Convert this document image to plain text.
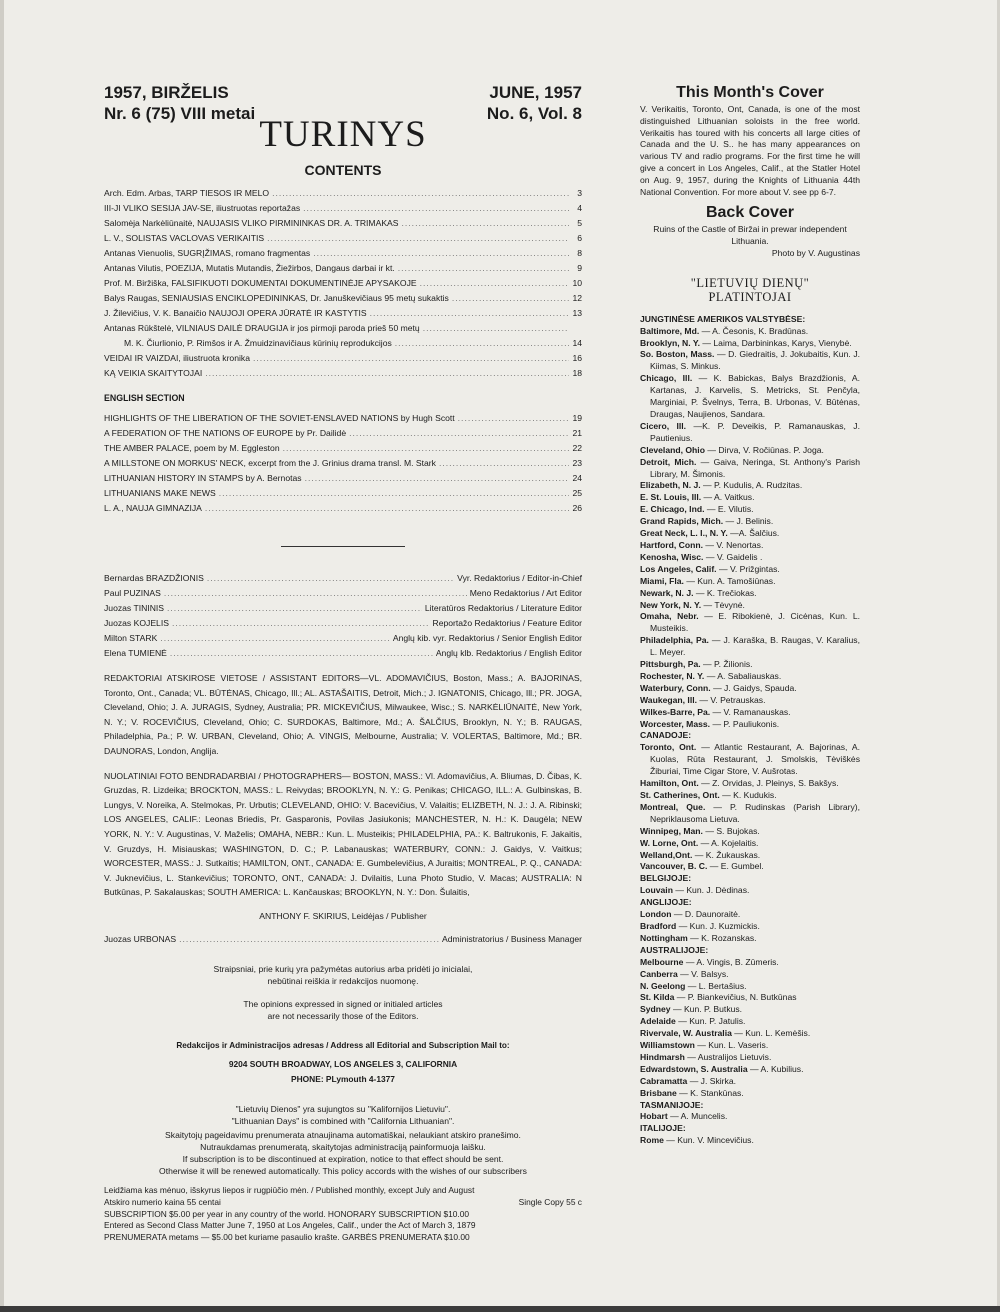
1957, BIRŽELIS
Nr. 6 (75) VIII metai
JUNE, 1957
No. 6, Vol. 8
TURINYS
CONTENTS
Arch. Edm. Arbas, TARP TIESOS IR MELO .....	3
III-JI VLIKO SESIJA JAV-SE, iliustruotas reportažas .....	4
Salomėja Narkėliūnaitė, NAUJASIS VLIKO PIRMININKAS DR. A. TRIMAKAS .....	5
L. V., SOLISTAS VACLOVAS VERIKAITIS .....	6
Antanas Vienuolis, SUGRĮŽIMAS, romano fragmentas .....	8
Antanas Vilutis, POEZIJA, Mutatis Mutandis, Žiežirbos, Dangaus darbai ir kt. .....	9
Prof. M. Biržiška, FALSIFIKUOTI DOKUMENTAI DOKUMENTINĖJE APYSAKOJE .....	10
Balys Raugas, SENIAUSIAS ENCIKLOPEDININKAS, Dr. Januškevičiaus 95 metų sukaktis .....	12
J. Žilevičius, V. K. Banaičio NAUJOJI OPERA JŪRATĖ IR KASTYTIS .....	13
Antanas Rūkštelė, VILNIAUS DAILĖ DRAUGIJA ir jos pirmoji paroda prieš 50 metų
.....
M. K. Čiurlionio, P. Rimšos ir A. Žmuidzinavičiaus kūrinių reprodukcijos .....	14
VEIDAI IR VAIZDAI, iliustruota kronika .....	16
KĄ VEIKIA SKAITYTOJAI .....	18
ENGLISH SECTION
HIGHLIGHTS OF THE LIBERATION OF THE SOVIET-ENSLAVED NATIONS by Hugh Scott .....	19
A FEDERATION OF THE NATIONS OF EUROPE by Pr. Dailidė .....	21
THE AMBER PALACE, poem by M. Eggleston .....	22
A MILLSTONE ON MORKUS' NECK, excerpt from the J. Grinius drama transl. M. Stark .....	23
LITHUANIAN HISTORY IN STAMPS by A. Bernotas .....	24
LITHUANIANS MAKE NEWS .....	25
L. A., NAUJA GIMNAZIJA .....	26
Bernardas BRAZDŽIONIS .....	Vyr. Redaktorius / Editor-in-Chief
Paul PUZINAS .....	Meno Redaktorius / Art Editor
Juozas TININIS .....	Literatūros Redaktorius / Literature Editor
Juozas KOJELIS .....	Reportažo Redaktorius / Feature Editor
Milton STARK .....	Anglų kib. vyr. Redaktorius / Senior English Editor
Elena TUMIENĖ .....	Anglų klb. Redaktorius / English Editor
REDAKTORIAI ATSKIROSE VIETOSE / ASSISTANT EDITORS—VL. ADOMAVIČIUS, Boston, Mass.; A. BAJORINAS, Toronto, Ont., Canada; VL. BŪTĖNAS, Chicago, Ill.; AL. ASTAŠAITIS, Detroit, Mich.; J. IGNATONIS, Chicago, Ill.; PR. JOGA, Cleveland, Ohio; J. A. JURAGIS, Sydney, Australia; PR. MICKEVIČIUS, Milwaukee, Wisc.; S. NARKĖLIŪNAITĖ, New York, N. Y.; V. ROCEVIČIUS, Cleveland, Ohio; C. SURDOKAS, Baltimore, Md.; A. ŠALČIUS, Brooklyn, N. Y.; B. RAUGAS, Philadelphia, Pa.; P. W. URBAN, Cleveland, Ohio; A. VINGIS, Melbourne, Australia; V. VOLERTAS, Baltimore, Md.; BR. DAUNORAS, London, Anglija.
NUOLATINIAI FOTO BENDRADARBIAI / PHOTOGRAPHERS— BOSTON, MASS.: Vl. Adomavičius, A. Bliumas, D. Čibas, K. Gruzdas, R. Lizdeika; BROCKTON, MASS.: L. Reivydas; BROOKLYN, N. Y.: G. Penikas; CHICAGO, ILL.: A. Gulbinskas, B. Lungys, V. Noreika, A. Stelmokas, Pr. Urbutis; CLEVELAND, OHIO: V. Bacevičius, V. Valaitis; ELIZBETH, N. J.: J. A. Ribinski; LOS ANGELES, CALIF.: Leonas Briedis, Pr. Gasparonis, Povilas Jasiukonis; MANCHESTER, N. H.: K. Daugėla; NEW YORK, N. Y.: V. Augustinas, V. Maželis; OMAHA, NEBR.: Kun. L. Musteikis; PHILADELPHIA, PA.: K. Baltrukonis, F. Jakaitis, V. Gruzdys, H. Misiauskas; WASHINGTON, D. C.; P. Labanauskas; WATERBURY, CONN.: J. Gaidys, V. Vaitkus; WORCESTER, MASS.: J. Sutkaitis; HAMILTON, ONT., CANADA: E. Gumbelevičius, A Juraitis; MONTREAL, P. Q., CANADA: V. Juknevičius, L. Stankevičius; TORONTO, ONT., CANADA: J. Dvilaitis, Luna Photo Studio, V. Macas; AUSTRALIA: N Butkūnas, P. Sakalauskas; SOUTH AMERICA: L. Kančauskas; BROOKLYN, N. Y.: Don. Šulaitis,
ANTHONY F. SKIRIUS, Leidėjas / Publisher
Juozas URBONAS .....	Administratorius / Business Manager
Straipsniai, prie kurių yra pažymėtas autorius arba pridėti jo inicialai,
nebūtinai reiškia ir redakcijos nuomonę.
The opinions expressed in signed or initialed articles
are not necessarily those of the Editors.
Redakcijos ir Administracijos adresas / Address all Editorial and Subscription Mail to:
9204 SOUTH BROADWAY, LOS ANGELES 3, CALIFORNIA
PHONE: PLymouth 4-1377
"Lietuvių Dienos" yra sujungtos su "Kalifornijos Lietuviu".
"Lithuanian Days" is combined with "California Lithuanian".
Skaitytojų pageidavimu prenumerata atnaujinama automatiškai, nelaukiant atskiro pranešimo.
Nutraukdamas prenumeratą, skaitytojas administraciją painformuoja laišku.
If subscription is to be discontinued at expiration, notice to that effect should be sent.
Otherwise it will be renewed automatically. This policy accords with the wishes of our subscribers
Leidžiama kas mėnuo, išskyrus liepos ir rugpiūčio mėn. / Published monthly, except July and August
Atskiro numerio kaina 55 centai	Single Copy 55 c
SUBSCRIPTION $5.00 per year in any country of the world. HONORARY SUBSCRIPTION $10.00
Entered as Second Class Matter June 7, 1950 at Los Angeles, Calif., under the Act of March 3, 1879
PRENUMERATA metams — $5.00 bet kuriame pasaulio krašte. GARBĖS PRENUMERATA $10.00
This Month's Cover
V. Verikaitis, Toronto, Ont, Canada, is one of the most distinguished Lithuanian soloists in the free world. Verikaitis has toured with his concerts all large cities of Canada and the U. S.. he has many appearances on various TV and radio programs. For the first time he will give a concert in Los Angeles, Calif., at the Statler Hotel on Aug. 9, 1957, during the Knights of Lithuania 44th National Convention. For more about V. see pp 6-7.
Back Cover
Ruins of the Castle of Biržai in prewar independent Lithuania.
Photo by V. Augustinas
"LIETUVIŲ DIENŲ"
PLATINTOJAI
JUNGTINĖSE AMERIKOS VALSTYBĖSE:
Baltimore, Md. — A. Česonis, K. Bradūnas.
Brooklyn, N. Y. — Laima, Darbininkas, Karys, Vienybė.
So. Boston, Mass. — D. Giedraitis, J. Jokubaitis, Kun. J. Kiimas, S. Minkus.
Chicago, Ill. — K. Babickas, Balys Brazdžionis, A. Kartanas, J. Karvelis, S. Metricks, St. Penčyla, Marginiai, P. Švelnys, Terra, B. Urbonas, V. Būtėnas, Draugas, Naujienos, Sandara.
Cicero, Ill. —K. P. Deveikis, P. Ramanauskas, J. Pautienius.
Cleveland, Ohio — Dirva, V. Ročiūnas. P. Joga.
Detroit, Mich. — Gaiva, Neringa, St. Anthony's Parish Library, M. Šimonis.
Elizabeth, N. J. — P. Kudulis, A. Rudzitas.
E. St. Louis, Ill. — A. Vaitkus.
E. Chicago, Ind. — E. Vilutis.
Grand Rapids, Mich. — J. Belinis.
Great Neck, L. I., N. Y. —A. Šalčius.
Hartford, Conn. — V. Nenortas.
Kenosha, Wisc. — V. Gaidelis .
Los Angeles, Calif. — V. Prižgintas.
Miami, Fla. — Kun. A. Tamošiūnas.
Newark, N. J. — K. Trečiokas.
New York, N. Y. — Tėvynė.
Omaha, Nebr. — E. Ribokienė, J. Cicėnas, Kun. L. Musteikis.
Philadelphia, Pa. — J. Karaška, B. Raugas, V. Karalius, L. Meyer.
Pittsburgh, Pa. — P. Žilionis.
Rochester, N. Y. — A. Sabaliauskas.
Waterbury, Conn. — J. Gaidys, Spauda.
Waukegan, Ill. — V. Petrauskas.
Wilkes-Barre, Pa. — V. Ramanauskas.
Worcester, Mass. — P. Pauliukonis.
CANADOJE:
Toronto, Ont. — Atlantic Restaurant, A. Bajorinas, A. Kuolas, Rūta Restaurant, J. Smolskis, Tėviškės Žiburiai, Time Cigar Store, V. Aušrotas.
Hamilton, Ont. — Z. Orvidas, J. Pleinys, S. Bakšys.
St. Catherines, Ont. — K. Kudukis.
Montreal, Que. — P. Rudinskas (Parish Library), Nepriklausoma Lietuva.
Winnipeg, Man. — S. Bujokas.
W. Lorne, Ont. — A. Kojelaitis.
Welland,Ont. — K. Žukauskas.
Vancouver, B. C. — E. Gumbel.
BELGIJOJE:
Louvain — Kun. J. Dėdinas.
ANGLIJOJE:
London — D. Daunoraitė.
Bradford — Kun. J. Kuzmickis.
Nottingham — K. Rozanskas.
AUSTRALIJOJE:
Melbourne — A. Vingis, B. Zūmeris.
Canberra — V. Balsys.
N. Geelong — L. Bertašius.
St. Kilda — P. Biankevičius, N. Butkūnas
Sydney — Kun. P. Butkus.
Adelaide — Kun. P. Jatulis.
Rivervale, W. Australia — Kun. L. Kemėšis.
Williamstown — Kun. L. Vaseris.
Hindmarsh — Australijos Lietuvis.
Edwardstown, S. Australia — A. Kubilius.
Cabramatta — J. Skirka.
Brisbane — K. Stankūnas.
TASMANIJOJE:
Hobart — A. Muncelis.
ITALIJOJE:
Rome — Kun. V. Mincevičius.
